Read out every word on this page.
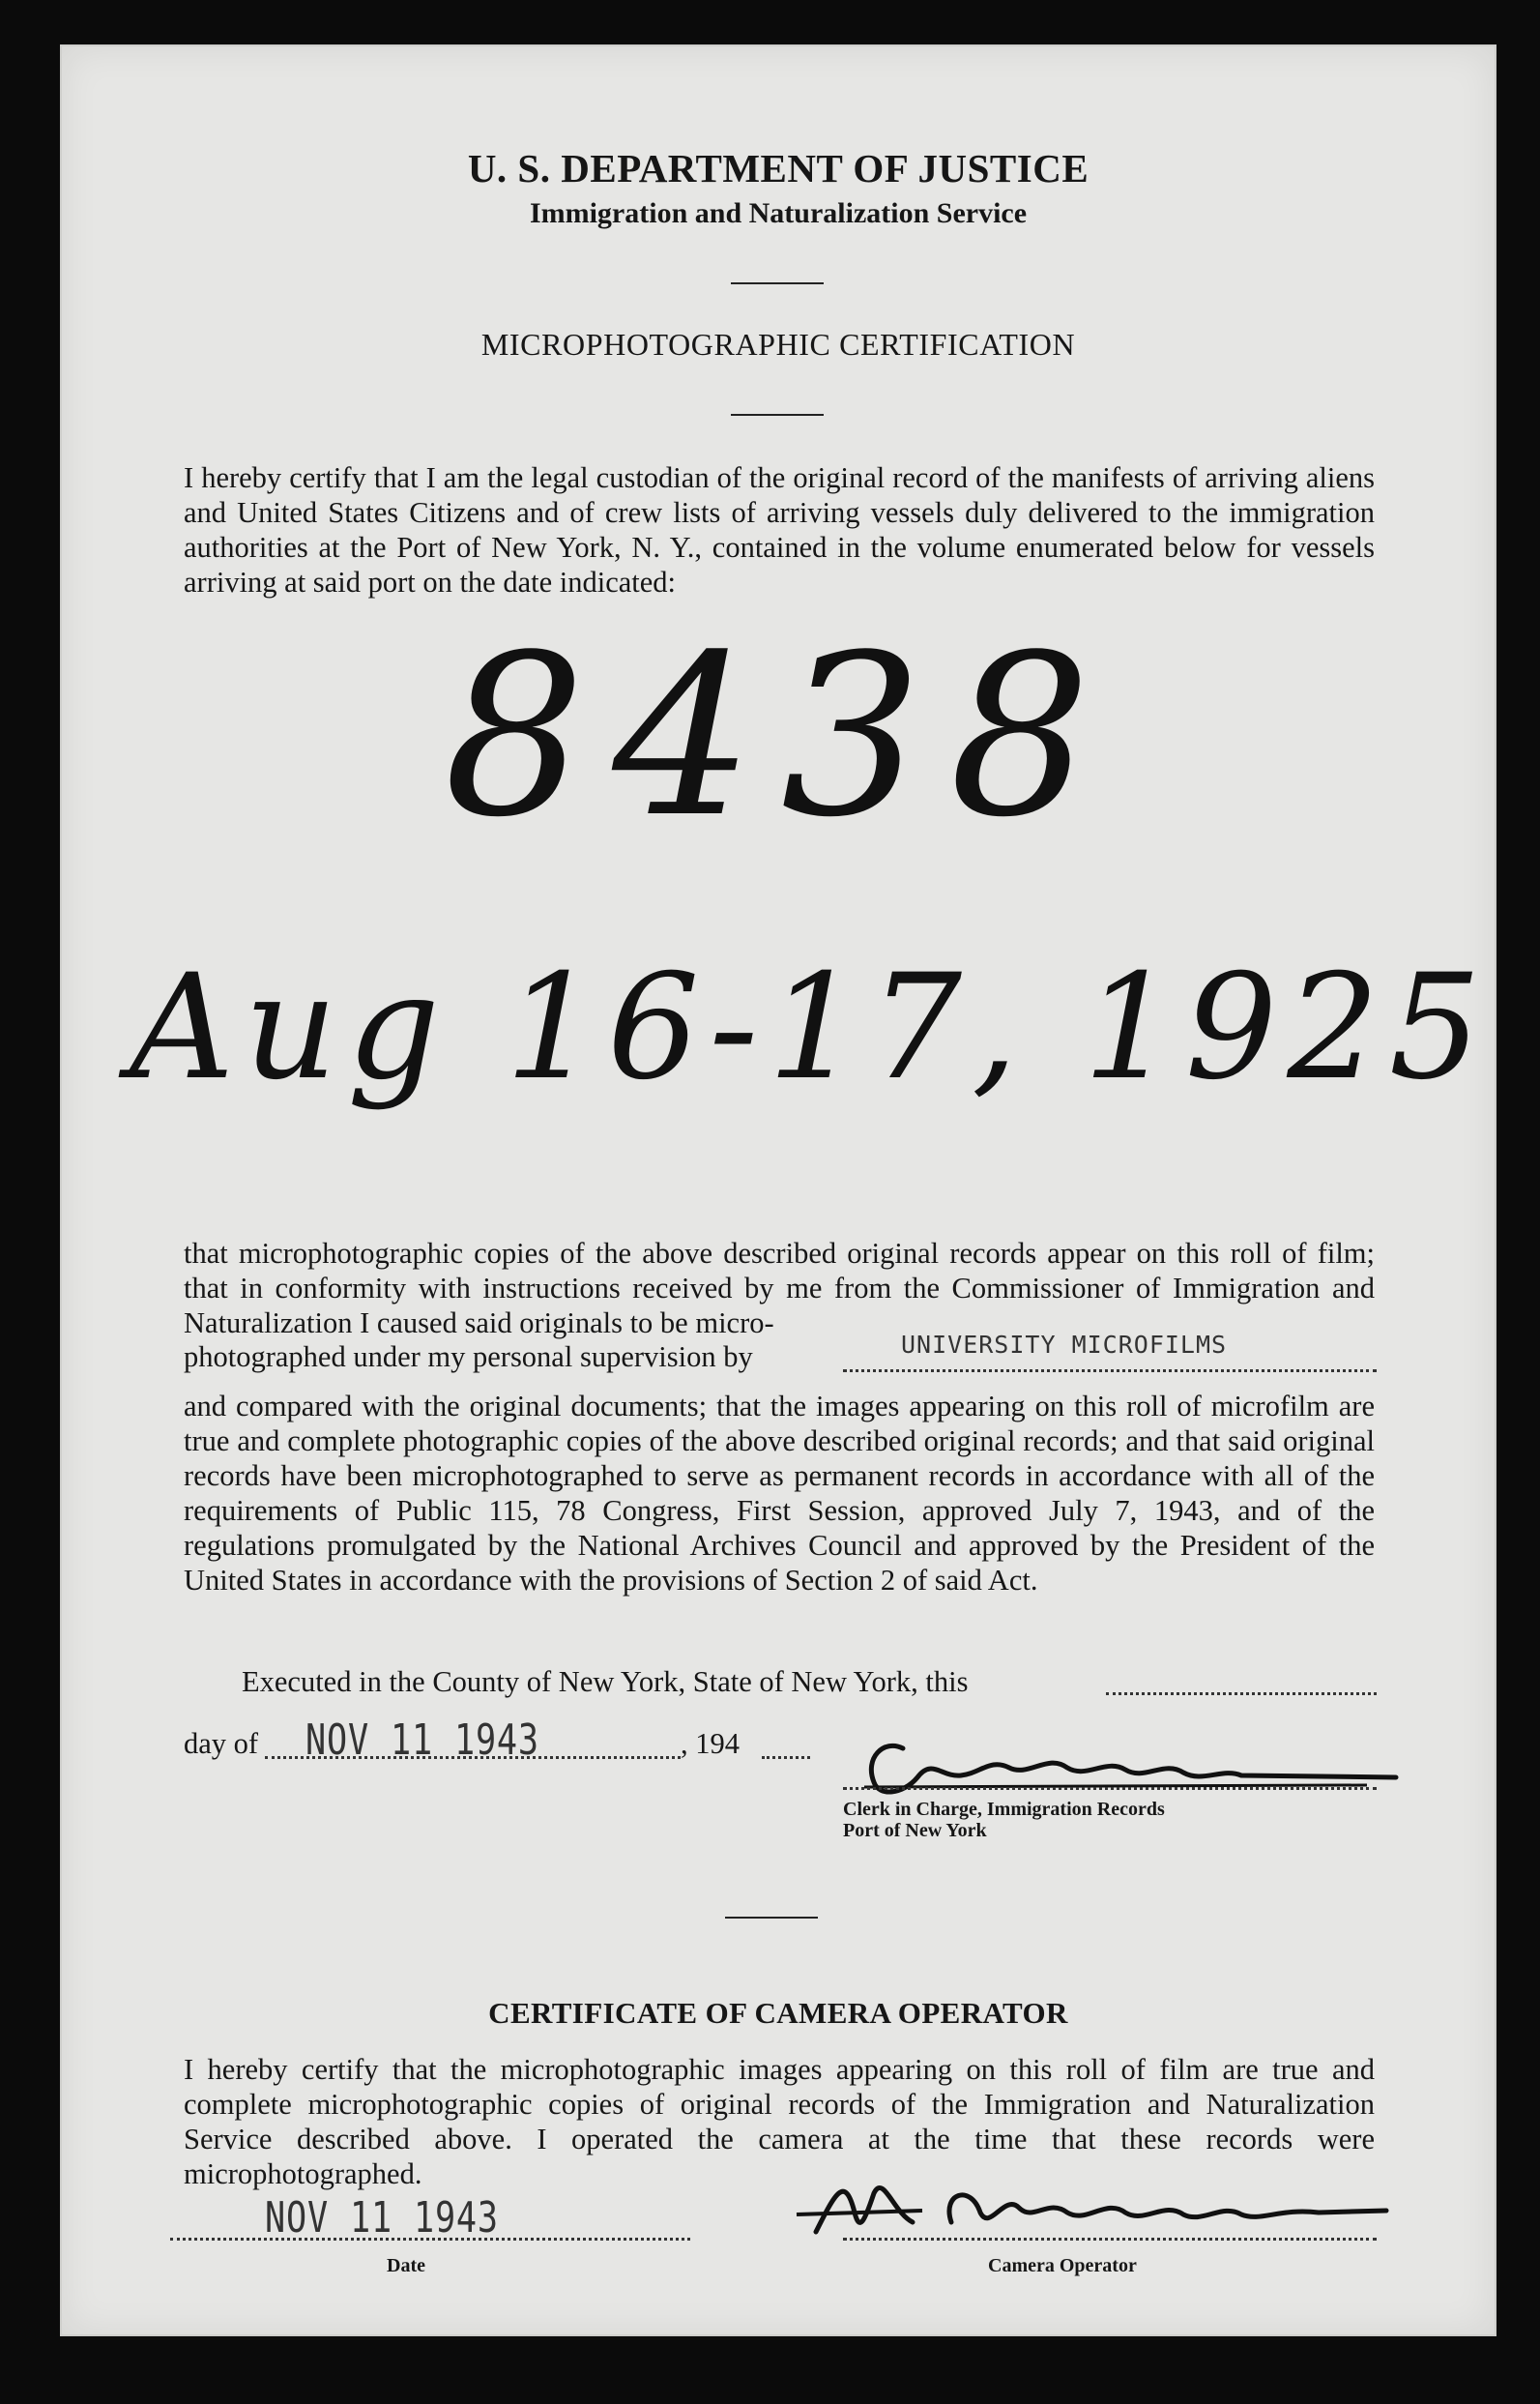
U. S. DEPARTMENT OF JUSTICE
Immigration and Naturalization Service
MICROPHOTOGRAPHIC CERTIFICATION
I hereby certify that I am the legal custodian of the original record of the manifests of arriving aliens and United States Citizens and of crew lists of arriving vessels duly delivered to the immigration authorities at the Port of New York, N. Y., contained in the volume enumerated below for vessels arriving at said port on the date indicated:
8438
Aug 16-17, 1925
that microphotographic copies of the above described original records appear on this roll of film; that in conformity with instructions received by me from the Commissioner of Immigration and Naturalization I caused said originals to be micro-
photographed under my personal supervision by	UNIVERSITY MICROFILMS
and compared with the original documents; that the images appearing on this roll of microfilm are true and complete photographic copies of the above described original records; and that said original records have been microphotographed to serve as permanent records in accordance with all of the requirements of Public 115, 78 Congress, First Session, approved July 7, 1943, and of the regulations promulgated by the National Archives Council and approved by the President of the United States in accordance with the provisions of Section 2 of said Act.
Executed in the County of New York, State of New York, this
day of NOV 11 1943	, 194
Clerk in Charge, Immigration Records
Port of New York
CERTIFICATE OF CAMERA OPERATOR
I hereby certify that the microphotographic images appearing on this roll of film are true and complete microphotographic copies of original records of the Immigration and Naturalization Service described above. I operated the camera at the time that these records were microphotographed.
NOV 11 1943
Date	Camera Operator
